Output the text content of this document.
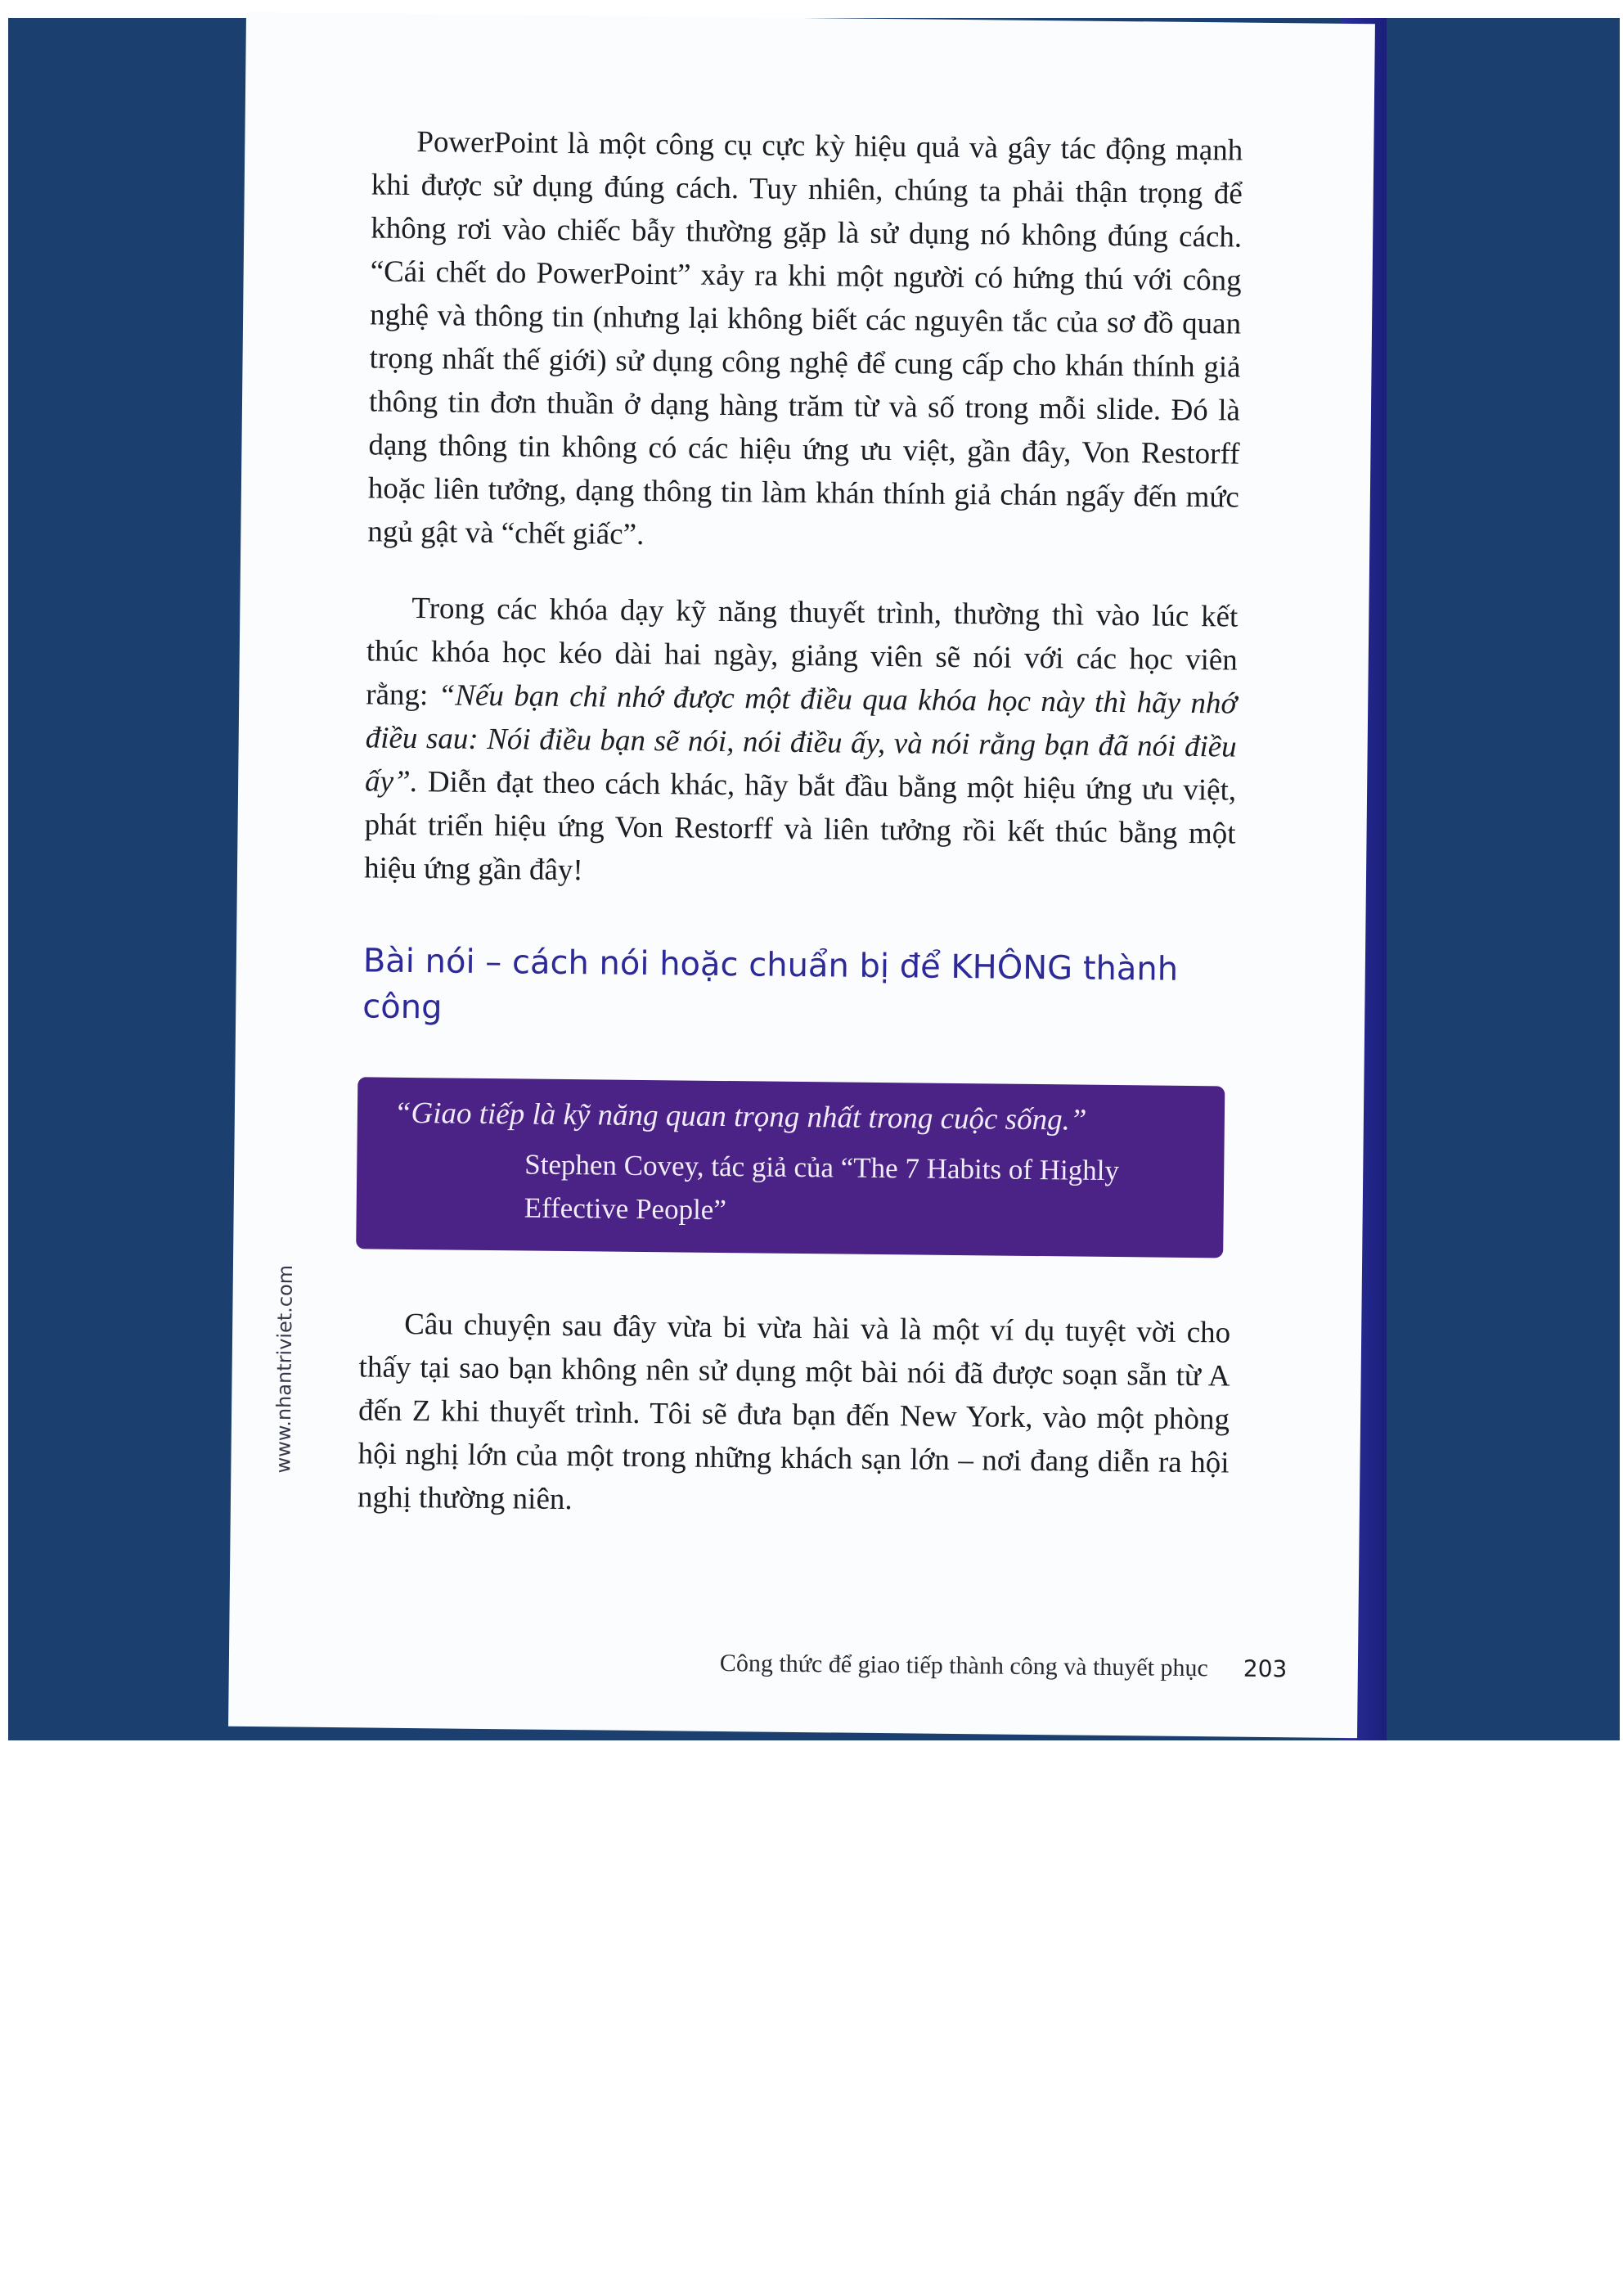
PowerPoint là một công cụ cực kỳ hiệu quả và gây tác động mạnh khi được sử dụng đúng cách. Tuy nhiên, chúng ta phải thận trọng để không rơi vào chiếc bẫy thường gặp là sử dụng nó không đúng cách. “Cái chết do PowerPoint” xảy ra khi một người có hứng thú với công nghệ và thông tin (nhưng lại không biết các nguyên tắc của sơ đồ quan trọng nhất thế giới) sử dụng công nghệ để cung cấp cho khán thính giả thông tin đơn thuần ở dạng hàng trăm từ và số trong mỗi slide. Đó là dạng thông tin không có các hiệu ứng ưu việt, gần đây, Von Restorff hoặc liên tưởng, dạng thông tin làm khán thính giả chán ngấy đến mức ngủ gật và “chết giấc”.

Trong các khóa dạy kỹ năng thuyết trình, thường thì vào lúc kết thúc khóa học kéo dài hai ngày, giảng viên sẽ nói với các học viên rằng: “Nếu bạn chỉ nhớ được một điều qua khóa học này thì hãy nhớ điều sau: Nói điều bạn sẽ nói, nói điều ấy, và nói rằng bạn đã nói điều ấy”. Diễn đạt theo cách khác, hãy bắt đầu bằng một hiệu ứng ưu việt, phát triển hiệu ứng Von Restorff và liên tưởng rồi kết thúc bằng một hiệu ứng gần đây!

Bài nói – cách nói hoặc chuẩn bị để KHÔNG thành công
“Giao tiếp là kỹ năng quan trọng nhất trong cuộc sống.”
Stephen Covey, tác giả của “The 7 Habits of Highly Effective People”

Câu chuyện sau đây vừa bi vừa hài và là một ví dụ tuyệt vời cho thấy tại sao bạn không nên sử dụng một bài nói đã được soạn sẵn từ A đến Z khi thuyết trình. Tôi sẽ đưa bạn đến New York, vào một phòng hội nghị lớn của một trong những khách sạn lớn – nơi đang diễn ra hội nghị thường niên.

www.nhantriviet.com
Công thức để giao tiếp thành công và thuyết phục 203
